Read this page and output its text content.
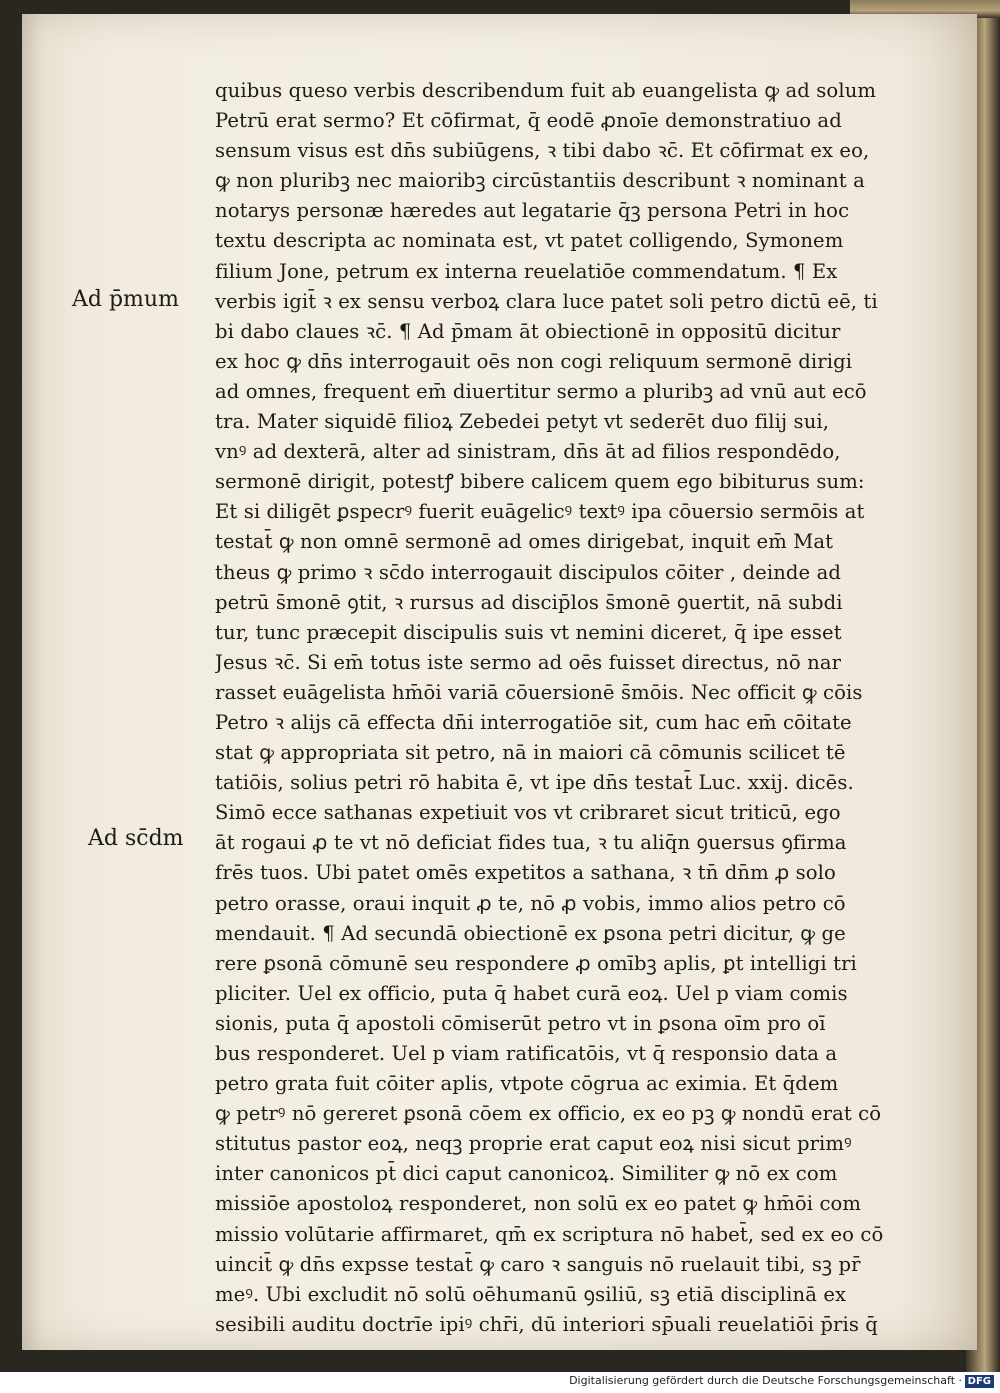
quibus queso verbis describendum fuit ab euangelista ꝙ ad solum
Petrū erat sermo? Et cōfirmat, q̄ eodē ꝓnoīe demonstratiuo ad
sensum visus est dn̄s subiūgens, ꝛ tibi dabo ꝛc̄. Et cōfirmat ex eo,
ꝙ non pluribꝫ nec maioribꝫ circūstantiis describunt ꝛ nominant a
notarys personæ hæredes aut legatarie q̄ꝫ persona Petri in hoc
textu descripta ac nominata est, vt patet colligendo, Symonem
filium Jone, petrum ex interna reuelatiōe commendatum. ¶ Ex
verbis igit̄ ꝛ ex sensu verboꝝ clara luce patet soli petro dictū eē, ti
bi dabo claues ꝛc̄. ¶ Ad p̄mam āt obiectionē in oppositū dicitur
ex hoc ꝙ dn̄s interrogauit oēs non cogi reliquum sermonē dirigi
ad omnes, frequent em̄ diuertitur sermo a pluribꝫ ad vnū aut ecō
tra. Mater siquidē filioꝝ Zebedei petyt vt sederēt duo filij sui,
vnꝰ ad dexterā, alter ad sinistram, dn̄s āt ad filios respondēdo,
sermonē dirigit, potestꝭ bibere calicem quem ego bibiturus sum:
Et si diligēt ꝑspecrꝰ fuerit euāgelicꝰ textꝰ ipa cōuersio sermōis at
testat̄ ꝙ non omnē sermonē ad omes dirigebat, inquit em̄ Mat
theus ꝙ primo ꝛ sc̄do interrogauit discipulos cōiter , deinde ad
petrū s̄monē ꝯtit, ꝛ rursus ad discip̄los s̄monē ꝯuertit, nā subdi
tur, tunc præcepit discipulis suis vt nemini diceret, q̄ ipe esset
Jesus ꝛc̄. Si em̄ totus iste sermo ad oēs fuisset directus, nō nar
rasset euāgelista hm̄ōi variā cōuersionē s̄mōis. Nec officit ꝙ cōis
Petro ꝛ alijs cā effecta dn̄i interrogatiōe sit, cum hac em̄ cōitate
stat ꝙ appropriata sit petro, nā in maiori cā cōmunis scilicet tē
tatiōis, solius petri rō habita ē, vt ipe dn̄s testat̄ Luc. xxij. dicēs.
Simō ecce sathanas expetiuit vos vt cribraret sicut triticū, ego
āt rogaui ꝓ te vt nō deficiat fides tua, ꝛ tu aliq̄n ꝯuersus ꝯfirma
frēs tuos. Ubi patet omēs expetitos a sathana, ꝛ tn̄ dn̄m ꝓ solo
petro orasse, oraui inquit ꝓ te, nō ꝓ vobis, immo alios petro cō
mendauit. ¶ Ad secundā obiectionē ex ꝑsona petri dicitur, ꝙ ge
rere ꝑsonā cōmunē seu respondere ꝓ omībꝫ aplis, ꝑt intelligi tri
pliciter. Uel ex officio, puta q̄ habet curā eoꝝ. Uel p viam comis
sionis, puta q̄ apostoli cōmiserūt petro vt in ꝑsona oīm pro oī
bus responderet. Uel p viam ratificatōis, vt q̄ responsio data a
petro grata fuit cōiter aplis, vtpote cōgrua ac eximia. Et q̄dem
ꝙ petrꝰ nō gereret ꝑsonā cōem ex officio, ex eo pꝫ ꝙ nondū erat cō
stitutus pastor eoꝝ, neqꝫ proprie erat caput eoꝝ nisi sicut primꝰ
inter canonicos pt̄ dici caput canonicoꝝ. Similiter ꝙ nō ex com
missiōe apostoloꝝ responderet, non solū ex eo patet ꝙ hm̄ōi com
missio volūtarie affirmaret, qm̄ ex scriptura nō habet̄, sed ex eo cō
uincit̄ ꝙ dn̄s expsse testat̄ ꝙ caro ꝛ sanguis nō ruelauit tibi, sꝫ pr̄
meꝰ. Ubi excludit nō solū oēhumanū ꝯsiliū, sꝫ etiā disciplinā ex
sesibili auditu doctrīe ipiꝰ chr̄i, dū interiori sp̄uali reuelatiōi p̄ris q̄
Ad p̄mum
Ad sc̄dm
Digitalisierung gefördert durch die Deutsche Forschungsgemeinschaft · DFG
